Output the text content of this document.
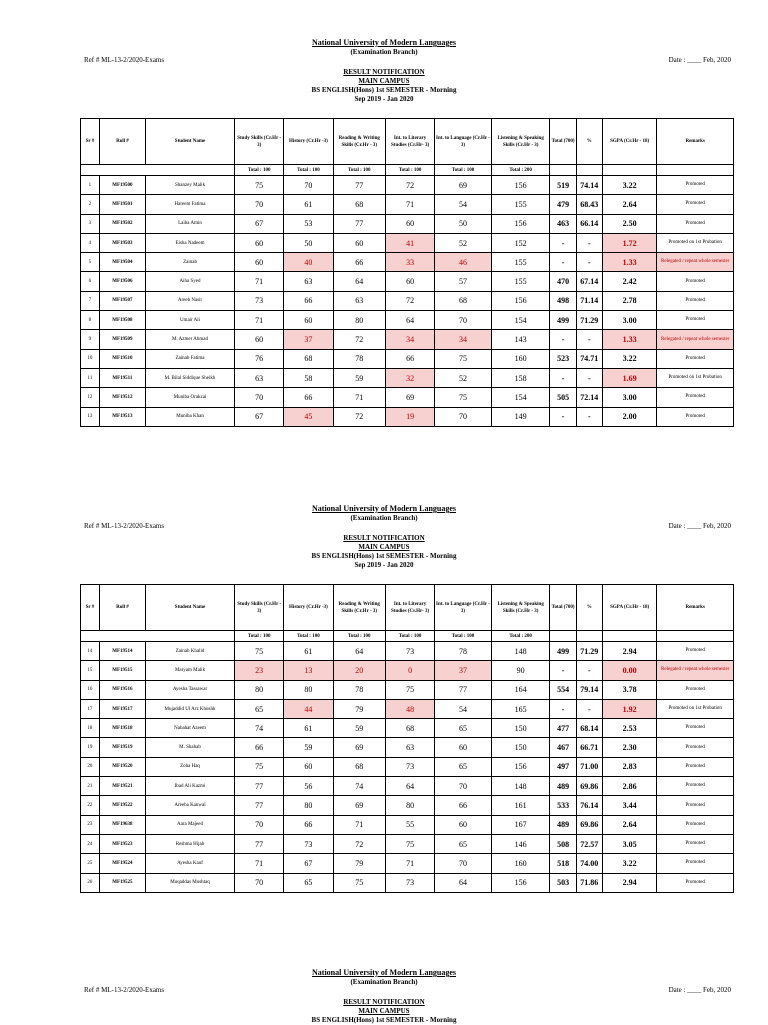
National University of Modern Languages
(Examination Branch)
Ref # ML-13-2/2020-Exams	Date : ____ Feb, 2020
RESULT NOTIFICATION
MAIN CAMPUS
BS ENGLISH(Hons) 1st SEMESTER - Morning
Sep 2019 - Jan 2020
Sr #	Roll #	Student Name	Study Skills (Cr.Hr - 3)	History (Cr.Hr -3)	Reading & Writing Skills (Cr.Hr - 3)	Int. to Literary Studies (Cr.Hr- 3)	Int. to Language (Cr.Hr - 3)	Listening & Speaking Skills (Cr.Hr - 3)	Total (700)	%	SGPA (Cr.Hr - 18)	Remarks
			Total : 100	Total : 100	Total : 100	Total : 100	Total : 100	Total : 200				
1	MF19500	Shanzey Malik	75	70	77	72	69	156	519	74.14	3.22	Promoted
2	MF19501	Hareem Fatima	70	61	68	71	54	155	479	68.43	2.64	Promoted
3	MF19502	Laiba Amin	67	53	77	60	50	156	463	66.14	2.50	Promoted
4	MF19503	Eisha Nadeem	60	50	60	41	52	152	-	-	1.72	Promoted on 1st Probation
5	MF19504	Zainab	60	40	66	33	46	155	-	-	1.33	Relegated / repeat whole semester
6	MF19506	Aiha Syed	71	63	64	60	57	155	470	67.14	2.42	Promoted
7	MF19507	Areeb Nasir	73	66	63	72	68	156	498	71.14	2.78	Promoted
8	MF19508	Umair Ali	71	60	80	64	70	154	499	71.29	3.00	Promoted
9	MF19509	M. Azmer Ahmad	60	37	72	34	34	143	-	-	1.33	Relegated / repeat whole semester
10	MF19510	Zainab Fatima	76	68	78	66	75	160	523	74.71	3.22	Promoted
11	MF19511	M. Bilal Siddique Sheikh	63	58	59	32	52	158	-	-	1.69	Promoted on 1st Probation
12	MF19512	Muniba Orakzai	70	66	71	69	75	154	505	72.14	3.00	Promoted
13	MF19513	Muniba Khan	67	45	72	19	70	149	-	-	2.00	Promoted
National University of Modern Languages
(Examination Branch)
Ref # ML-13-2/2020-Exams	Date : ____ Feb, 2020
RESULT NOTIFICATION
MAIN CAMPUS
BS ENGLISH(Hons) 1st SEMESTER - Morning
Sep 2019 - Jan 2020
Sr #	Roll #	Student Name	Study Skills (Cr.Hr - 3)	History (Cr.Hr -3)	Reading & Writing Skills (Cr.Hr - 3)	Int. to Literary Studies (Cr.Hr- 3)	Int. to Language (Cr.Hr - 3)	Listening & Speaking Skills (Cr.Hr - 3)	Total (700)	%	SGPA (Cr.Hr - 18)	Remarks
			Total : 100	Total : 100	Total : 100	Total : 100	Total : 100	Total : 200				
14	MF19514	Zainab Khalid	75	61	64	73	78	148	499	71.29	2.94	Promoted
15	MF19515	Maryam Malik	23	13	20	0	37	90	-	-	0.00	Relegated / repeat whole semester
16	MF19516	Ayesha Tassawar	80	80	78	75	77	164	554	79.14	3.78	Promoted
17	MF19517	Mujaddid Ul Arz Khushk	65	44	79	48	54	165	-	-	1.92	Promoted on 1st Probation
18	MF19518	Nabahat Azeem	74	61	59	68	65	150	477	68.14	2.53	Promoted
19	MF19519	M. Shahab	66	59	69	63	60	150	467	66.71	2.30	Promoted
20	MF19520	Zoha Haq	75	60	68	73	65	156	497	71.00	2.83	Promoted
21	MF19521	Ibad Ali Kazmi	77	56	74	64	70	148	489	69.86	2.86	Promoted
22	MF19522	Areeba Kanwal	77	80	69	80	66	161	533	76.14	3.44	Promoted
23	MF19638	Aara Majeed	70	66	71	55	60	167	489	69.86	2.64	Promoted
24	MF19523	Reshma Hijab	77	73	72	75	65	146	508	72.57	3.05	Promoted
25	MF19524	Ayesha Kauf	71	67	79	71	70	160	518	74.00	3.22	Promoted
26	MF19525	Muqaddas Mushtaq	70	65	75	73	64	156	503	71.86	2.94	Promoted
National University of Modern Languages
(Examination Branch)
Ref # ML-13-2/2020-Exams	Date : ____ Feb, 2020
RESULT NOTIFICATION
MAIN CAMPUS
BS ENGLISH(Hons) 1st SEMESTER - Morning
